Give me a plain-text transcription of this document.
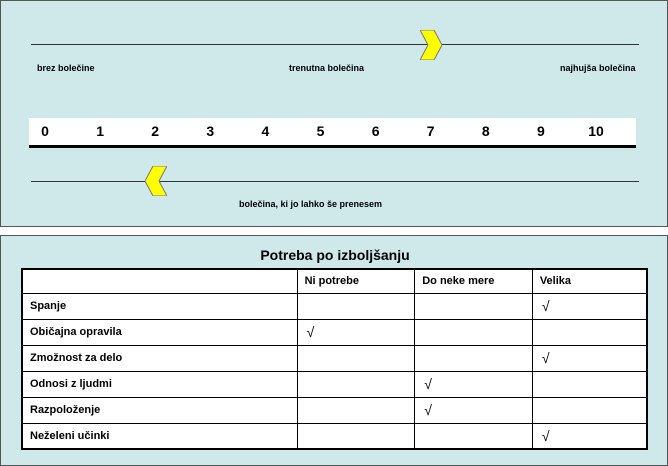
brez bolečine	trenutna bolečina	najhujša bolečina
0	1	2	3	4	5	6	7	8	9	10
bolečina, ki jo lahko še prenesem
Potreba po izboljšanju
	Ni potrebe	Do neke mere	Velika
Spanje			√
Običajna opravila	√		
Zmožnost za delo			√
Odnosi z ljudmi		√	
Razpoloženje		√	
Neželeni učinki			√
